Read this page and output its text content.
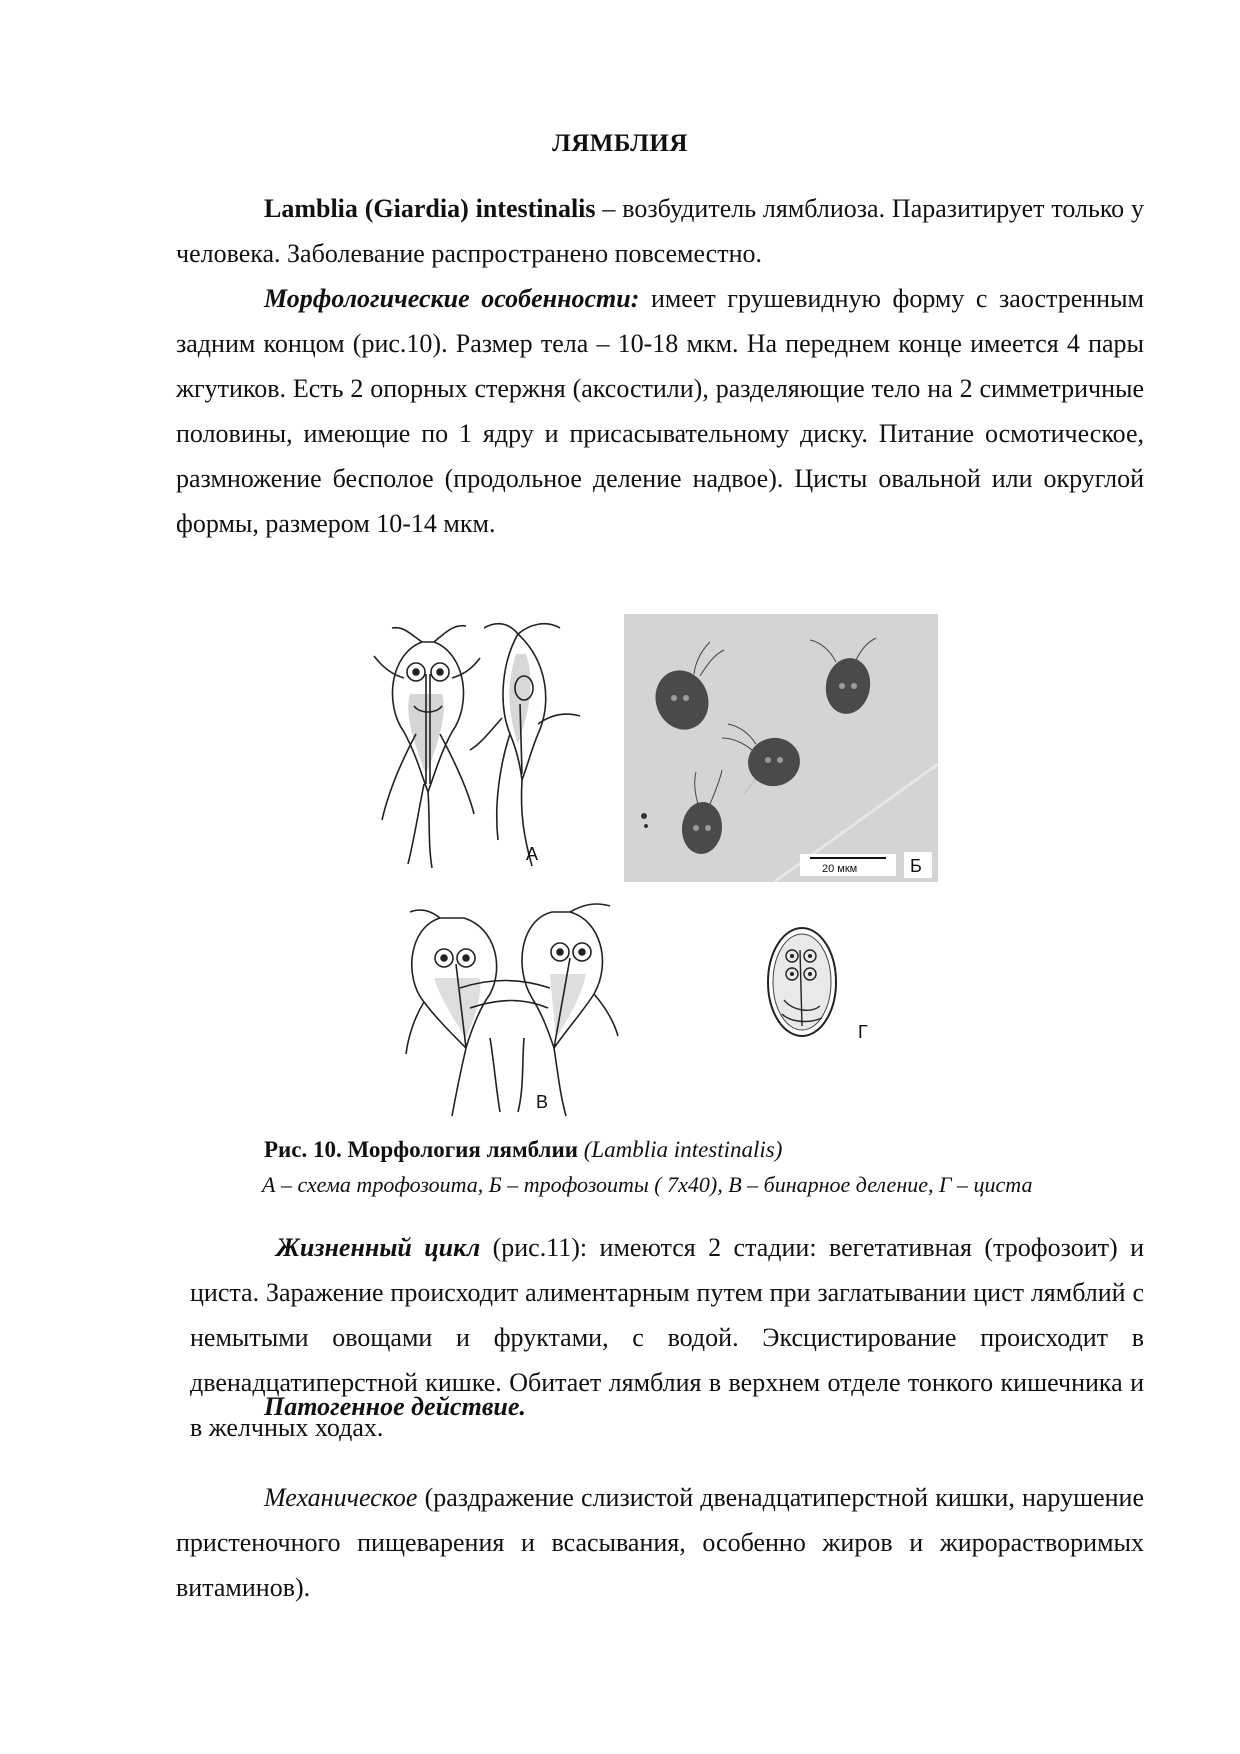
ЛЯМБЛИЯ
Lamblia (Giardia) intestinalis – возбудитель лямблиоза. Паразитирует только у человека. Заболевание распространено повсеместно.
Морфологические особенности: имеет грушевидную форму с заостренным задним концом (рис.10). Размер тела – 10-18 мкм. На переднем конце имеется 4 пары жгутиков. Есть 2 опорных стержня (аксостили), разделяющие тело на 2 симметричные половины, имеющие по 1 ядру и присасывательному диску. Питание осмотическое, размножение бесполое (продольное деление надвое). Цисты овальной или округлой формы, размером 10-14 мкм.
А
20 мкм	Б
В
Г
Рис. 10. Морфология лямблии (Lamblia intestinalis)
А – схема трофозоита, Б – трофозоиты ( 7х40), В – бинарное деление, Г – циста
Жизненный цикл (рис.11): имеются 2 стадии: вегетативная (трофозоит) и циста. Заражение происходит алиментарным путем при заглатывании цист лямблий с немытыми овощами и фруктами, с водой. Эксцистирование происходит в двенадцатиперстной кишке. Обитает лямблия в верхнем отделе тонкого кишечника и в желчных ходах.
Патогенное действие.
Механическое (раздражение слизистой двенадцатиперстной кишки, нарушение пристеночного пищеварения и всасывания, особенно жиров и жирорастворимых витаминов).
